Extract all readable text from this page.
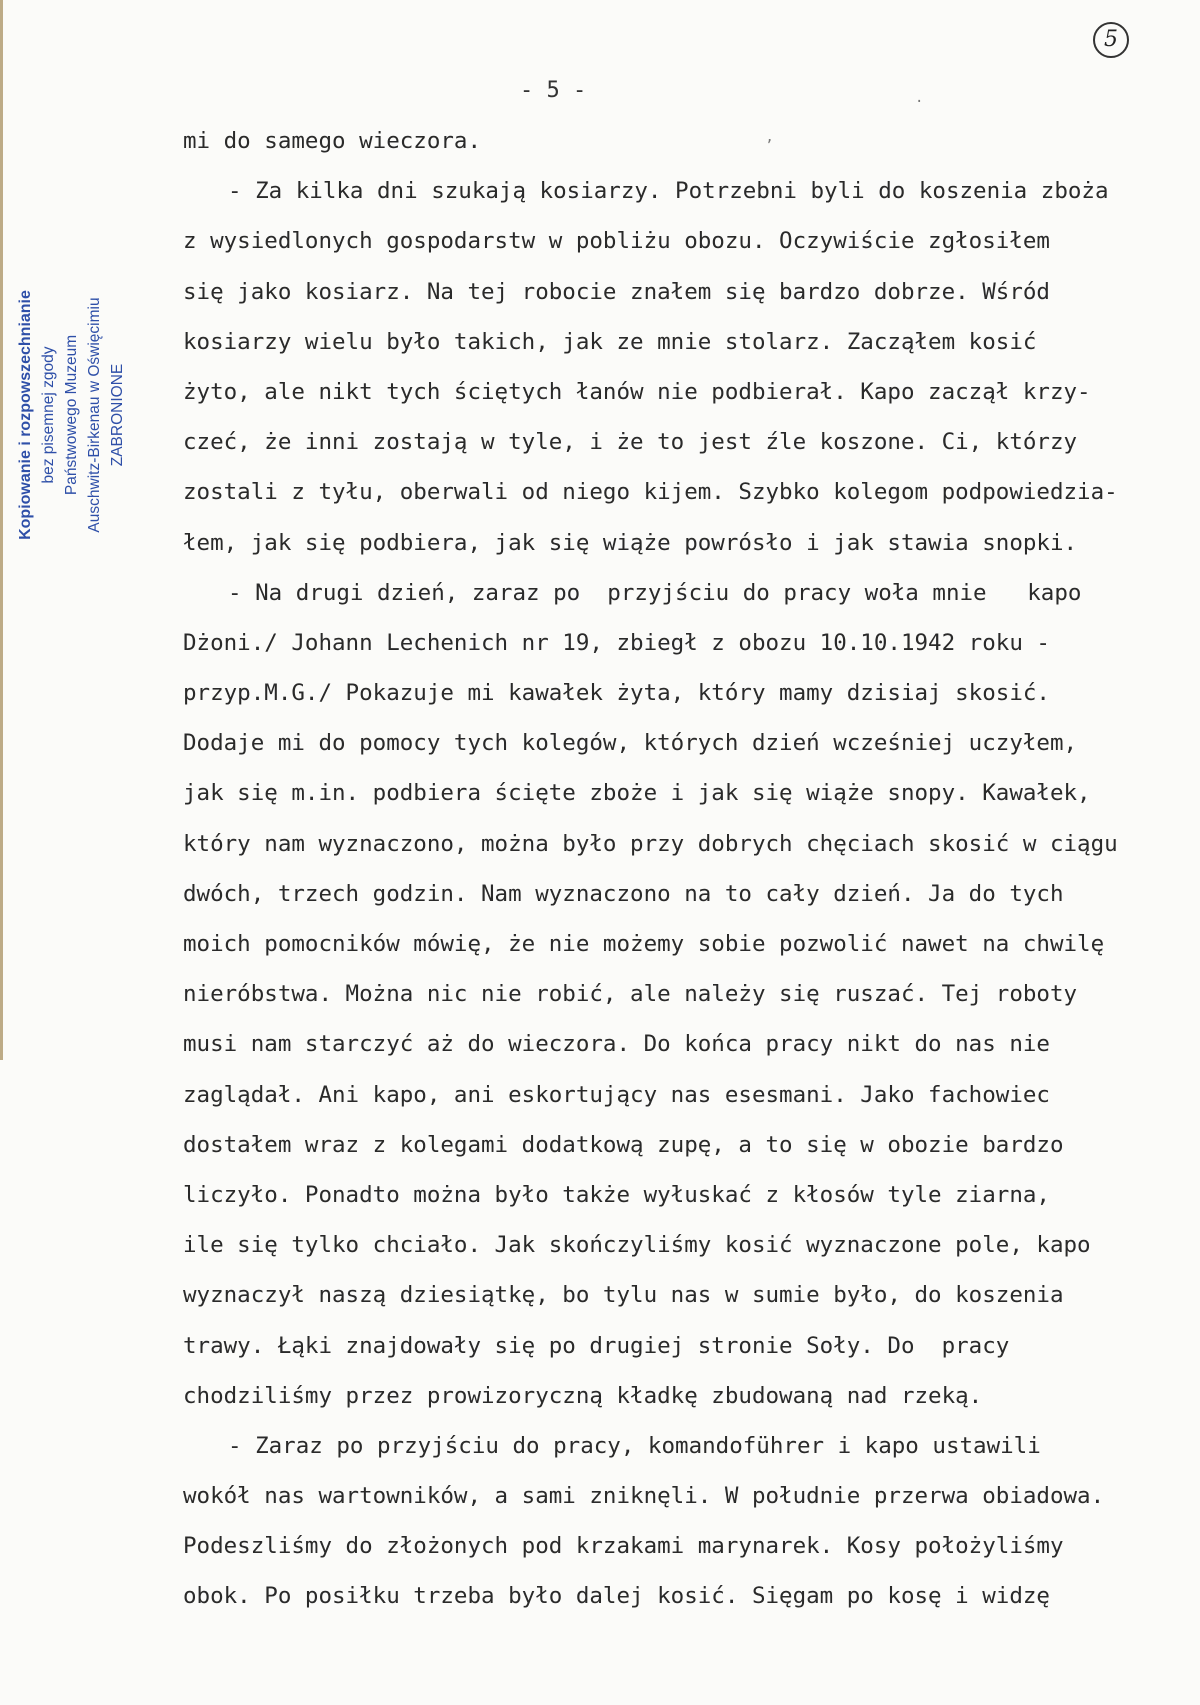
5
- 5 -
Kopiowanie i rozpowszechnianie bez pisemnej zgody Państwowego Muzeum Auschwitz-Birkenau w Oświęcimiu ZABRONIONE
mi do samego wieczora.
- Za kilka dni szukają kosiarzy. Potrzebni byli do koszenia zboża
z wysiedlonych gospodarstw w pobliżu obozu. Oczywiście zgłosiłem
się jako kosiarz. Na tej robocie znałem się bardzo dobrze. Wśród
kosiarzy wielu było takich, jak ze mnie stolarz. Zacząłem kosić
żyto, ale nikt tych ściętych łanów nie podbierał. Kapo zaczął krzy-
czeć, że inni zostają w tyle, i że to jest źle koszone. Ci, którzy
zostali z tyłu, oberwali od niego kijem. Szybko kolegom podpowiedzia-
łem, jak się podbiera, jak się wiąże powrósło i jak stawia snopki.
- Na drugi dzień, zaraz po  przyjściu do pracy woła mnie   kapo
Dżoni./ Johann Lechenich nr 19, zbiegł z obozu 10.10.1942 roku -
przyp.M.G./ Pokazuje mi kawałek żyta, który mamy dzisiaj skosić.
Dodaje mi do pomocy tych kolegów, których dzień wcześniej uczyłem,
jak się m.in. podbiera ścięte zboże i jak się wiąże snopy. Kawałek,
który nam wyznaczono, można było przy dobrych chęciach skosić w ciągu
dwóch, trzech godzin. Nam wyznaczono na to cały dzień. Ja do tych
moich pomocników mówię, że nie możemy sobie pozwolić nawet na chwilę
nieróbstwa. Można nic nie robić, ale należy się ruszać. Tej roboty
musi nam starczyć aż do wieczora. Do końca pracy nikt do nas nie
zaglądał. Ani kapo, ani eskortujący nas esesmani. Jako fachowiec
dostałem wraz z kolegami dodatkową zupę, a to się w obozie bardzo
liczyło. Ponadto można było także wyłuskać z kłosów tyle ziarna,
ile się tylko chciało. Jak skończyliśmy kosić wyznaczone pole, kapo
wyznaczył naszą dziesiątkę, bo tylu nas w sumie było, do koszenia
trawy. Łąki znajdowały się po drugiej stronie Soły. Do  pracy
chodziliśmy przez prowizoryczną kładkę zbudowaną nad rzeką.
- Zaraz po przyjściu do pracy, komandoführer i kapo ustawili
wokół nas wartowników, a sami zniknęli. W południe przerwa obiadowa.
Podeszliśmy do złożonych pod krzakami marynarek. Kosy położyliśmy
obok. Po posiłku trzeba było dalej kosić. Sięgam po kosę i widzę
’
.
